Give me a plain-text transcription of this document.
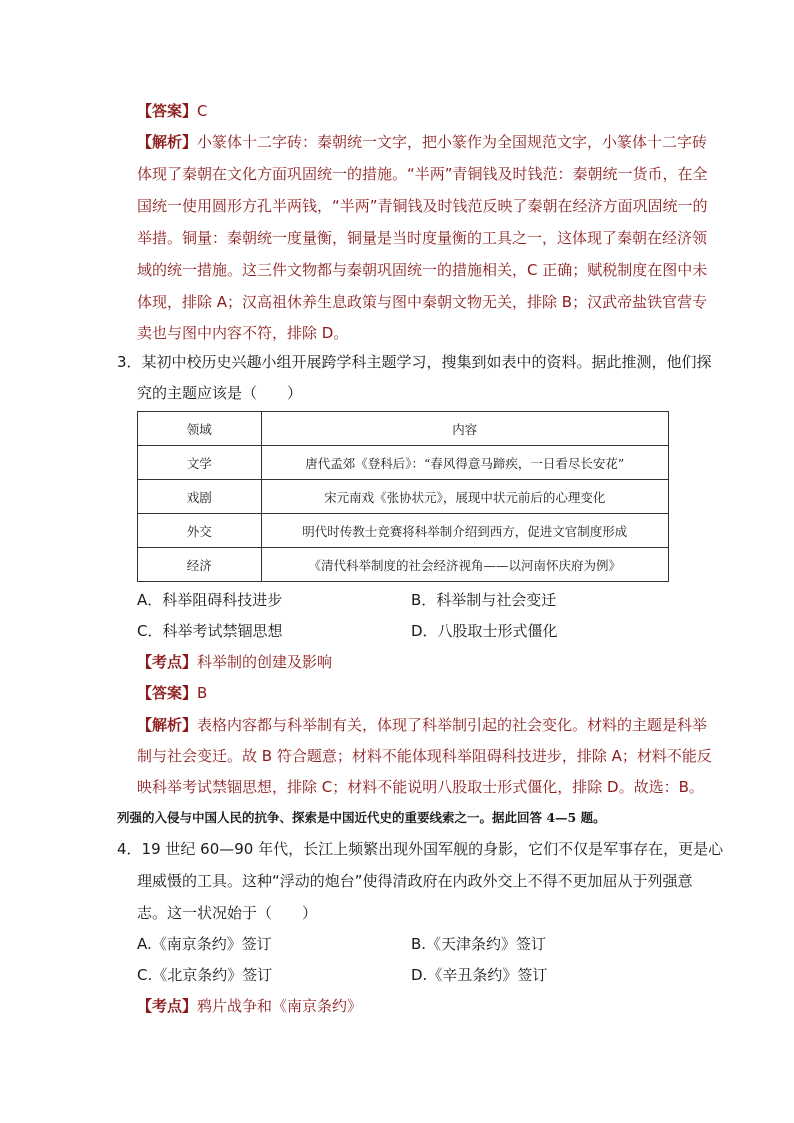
【答案】C
【解析】小篆体十二字砖：秦朝统一文字，把小篆作为全国规范文字，小篆体十二字砖
体现了秦朝在文化方面巩固统一的措施。“半两”青铜钱及时钱范：秦朝统一货币，在全
国统一使用圆形方孔半两钱，“半两”青铜钱及时钱范反映了秦朝在经济方面巩固统一的
举措。铜量：秦朝统一度量衡，铜量是当时度量衡的工具之一，这体现了秦朝在经济领
域的统一措施。这三件文物都与秦朝巩固统一的措施相关，C 正确；赋税制度在图中未
体现，排除 A；汉高祖休养生息政策与图中秦朝文物无关，排除 B；汉武帝盐铁官营专
卖也与图中内容不符，排除 D。
3．某初中校历史兴趣小组开展跨学科主题学习，搜集到如表中的资料。据此推测，他们探
究的主题应该是（　　）
领域	内容
文学	唐代孟郊《登科后》：“春风得意马蹄疾，一日看尽长安花”
戏剧	宋元南戏《张协状元》，展现中状元前后的心理变化
外交	明代时传教士竞赛将科举制介绍到西方，促进文官制度形成
经济	《清代科举制度的社会经济视角——以河南怀庆府为例》
A．科举阻碍科技进步	B．科举制与社会变迁
C．科举考试禁锢思想	D．八股取士形式僵化
【考点】科举制的创建及影响
【答案】B
【解析】表格内容都与科举制有关，体现了科举制引起的社会变化。材料的主题是科举
制与社会变迁。故 B 符合题意；材料不能体现科举阻碍科技进步，排除 A；材料不能反
映科举考试禁锢思想，排除 C；材料不能说明八股取士形式僵化，排除 D。故选：B。
列强的入侵与中国人民的抗争、探索是中国近代史的重要线索之一。据此回答 4—5 题。
4．19 世纪 60—90 年代，长江上频繁出现外国军舰的身影，它们不仅是军事存在，更是心
理威慑的工具。这种“浮动的炮台”使得清政府在内政外交上不得不更加屈从于列强意
志。这一状况始于（　　）
A.《南京条约》签订	B.《天津条约》签订
C.《北京条约》签订	D.《辛丑条约》签订
【考点】鸦片战争和《南京条约》
